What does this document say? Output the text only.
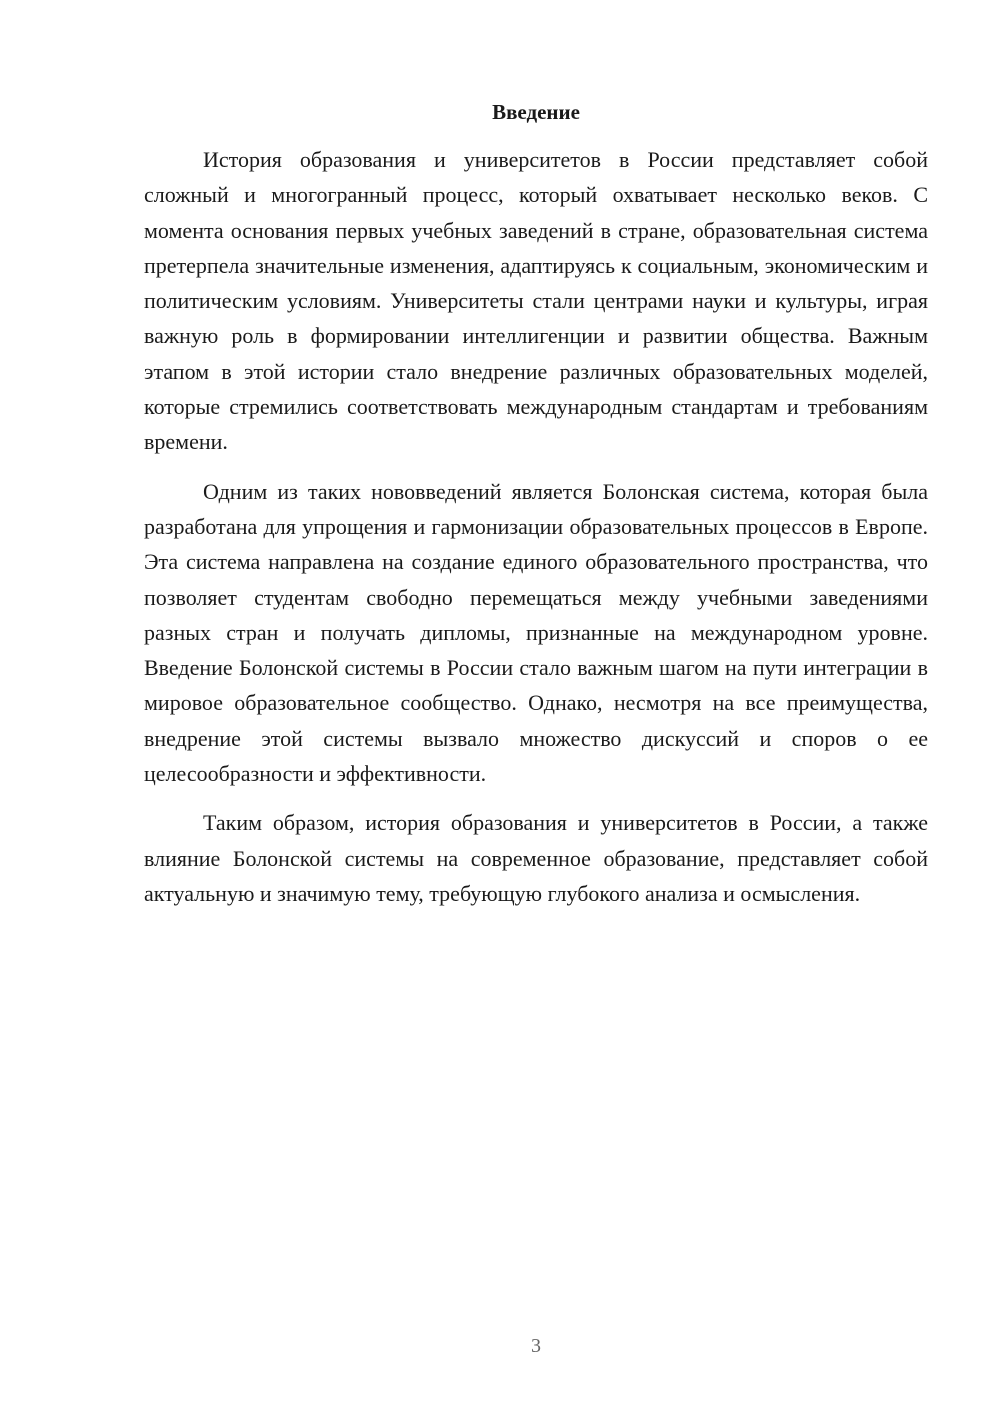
Введение

История образования и университетов в России представляет собой сложный и многогранный процесс, который охватывает несколько веков. С момента основания первых учебных заведений в стране, образовательная система претерпела значительные изменения, адаптируясь к социальным, экономическим и политическим условиям. Университеты стали центрами науки и культуры, играя важную роль в формировании интеллигенции и развитии общества. Важным этапом в этой истории стало внедрение различных образовательных моделей, которые стремились соответствовать международным стандартам и требованиям времени.

Одним из таких нововведений является Болонская система, которая была разработана для упрощения и гармонизации образовательных процессов в Европе. Эта система направлена на создание единого образовательного пространства, что позволяет студентам свободно перемещаться между учебными заведениями разных стран и получать дипломы, признанные на международном уровне. Введение Болонской системы в России стало важным шагом на пути интеграции в мировое образовательное сообщество. Однако, несмотря на все преимущества, внедрение этой системы вызвало множество дискуссий и споров о ее целесообразности и эффективности.

Таким образом, история образования и университетов в России, а также влияние Болонской системы на современное образование, представляет собой актуальную и значимую тему, требующую глубокого анализа и осмысления.

3
